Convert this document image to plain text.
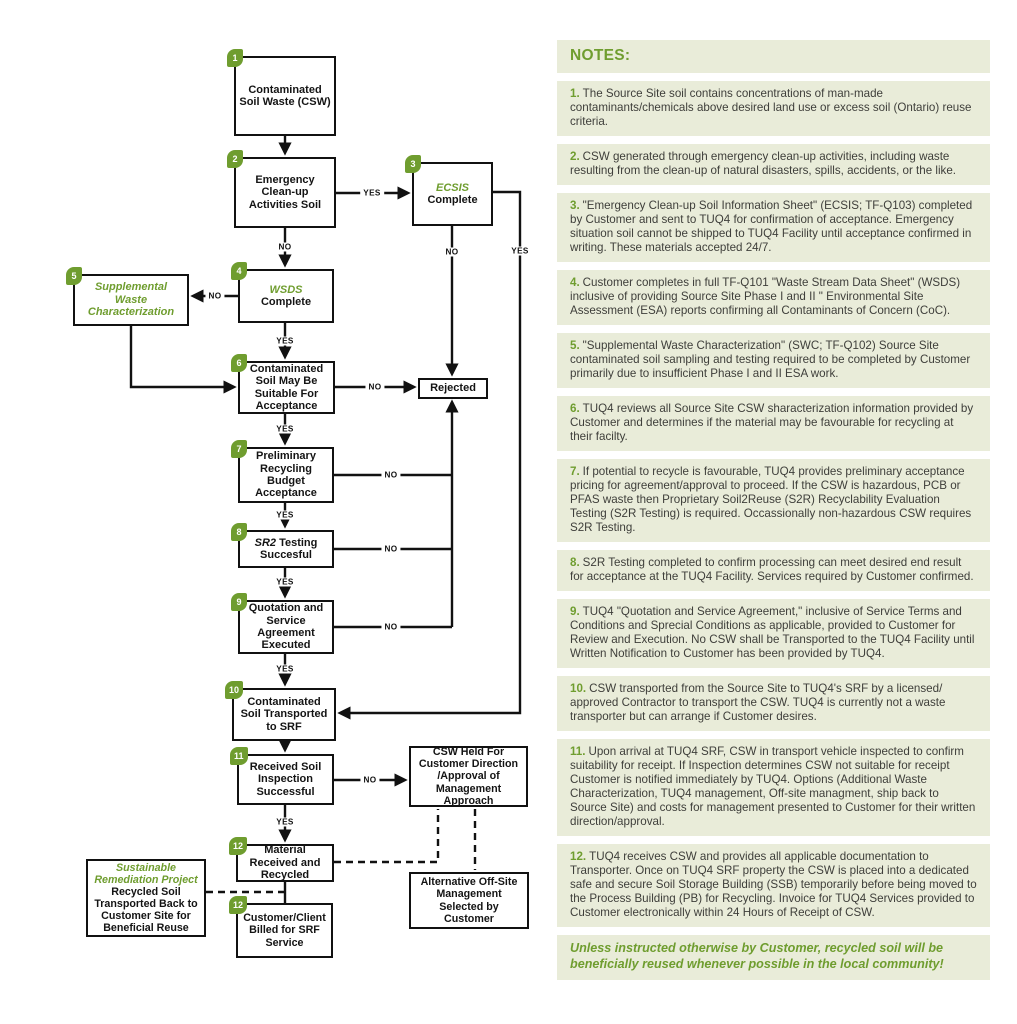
YES
NO
NO
YES
NO
NO	YES
YES
NO
YES
NO
YES
NO
YES
NO
YES
1
Contaminated Soil Waste (CSW)
2
Emergency Clean-up Activities Soil
3
ECSIS
Complete
4
WSDS
Complete
5
Supplemental Waste Characterization
6
Contaminated Soil May Be Suitable For Acceptance
Rejected
7
Preliminary Recycling Budget Acceptance
8
SR2 Testing Succesful
9
Quotation and Service Agreement Executed
10
Contaminated Soil Transported to SRF
11
Received Soil Inspection Successful
CSW Held For Customer Direction /Approval of Management Approach
12	Material Received and Recycled
Sustainable Remediation Project
Recycled Soil Transported Back to Customer Site for Beneficial Reuse
12
Customer/Client Billed for SRF Service
Alternative Off-Site Management Selected by Customer
NOTES:
1. The Source Site soil contains concentrations of man-made contaminants/chemicals above desired land use or excess soil (Ontario) reuse criteria.
2. CSW generated through emergency clean-up activities, including waste resulting from the clean-up of natural disasters, spills, accidents, or the like.
3. "Emergency Clean-up Soil Information Sheet" (ECSIS; TF-Q103) completed by Customer and sent to TUQ4 for confirmation of acceptance. Emergency situation soil cannot be shipped to TUQ4 Facility until acceptance confirmed in writing. These materials accepted 24/7.
4. Customer completes in full TF-Q101 "Waste Stream Data Sheet" (WSDS) inclusive of providing Source Site Phase I and II " Environmental Site Assessment (ESA) reports confirming all Contaminants of Concern (CoC).
5. "Supplemental Waste Characterization" (SWC; TF-Q102) Source Site contaminated soil sampling and testing required to be completed by Customer primarily due to insufficient Phase I and II ESA work.
6. TUQ4 reviews all Source Site CSW sharacterization information provided by Customer and determines if the material may be favourable for recycling at their facilty.
7. If potential to recycle is favourable, TUQ4 provides preliminary acceptance pricing for agreement/approval to proceed. If the CSW is hazardous, PCB or PFAS waste then Proprietary Soil2Reuse (S2R) Recyclability Evaluation Testing (S2R Testing) is required. Occassionally non-hazardous CSW requires S2R Testing.
8. S2R Testing completed to confirm processing can meet desired end result for acceptance at the TUQ4 Facility. Services required by Customer confirmed.
9. TUQ4 "Quotation and Service Agreement," inclusive of Service Terms and Conditions and Sprecial Conditions as applicable, provided to Customer for Review and Execution. No CSW shall be Transported to the TUQ4 Facility until Written Notification to Customer has been provided by TUQ4.
10. CSW transported from the Source Site to TUQ4's SRF by a licensed/ approved Contractor to transport the CSW. TUQ4 is currently not a waste transporter but can arrange if Customer desires.
11. Upon arrival at TUQ4 SRF, CSW in transport vehicle inspected to confirm suitability for receipt. If Inspection determines CSW not suitable for receipt Customer is notified immediately by TUQ4. Options (Additional Waste Characterization, TUQ4 management, Off-site managment, ship back to Source Site) and costs for management presented to Customer for their written direction/approval.
12. TUQ4 receives CSW and provides all applicable documentation to Transporter. Once on TUQ4 SRF property the CSW is placed into a dedicated safe and secure Soil Storage Building (SSB) temporarily before being moved to the Process Building (PB) for Recycling. Invoice for TUQ4 Services provided to Customer electronically within 24 Hours of Receipt of CSW.
Unless instructed otherwise by Customer, recycled soil will be beneficially reused whenever possible in the local community!
